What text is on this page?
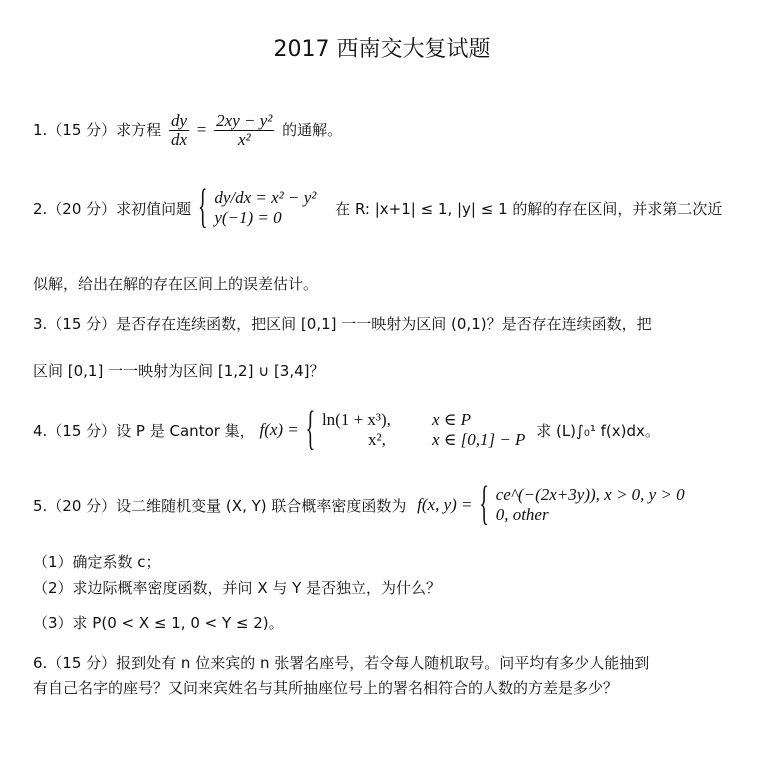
2017 西南交大复试题
1.（15 分）求方程 $\frac{dy}{dx} = \frac{\text{2xy − y²}}{\text{x²}}$ 的通解。
2.（20 分）求初值问题 { dy/dx = x² − y²
y(−1) = 0	在 R: |x+1| ≤ 1, |y| ≤ 1 的解的存在区间，并求第二次近
似解，给出在解的存在区间上的误差估计。
3.（15 分）是否存在连续函数，把区间 [0,1] 一一映射为区间 (0,1)？是否存在连续函数，把
区间 [0,1] 一一映射为区间 [1,2] ∪ [3,4]？
4.（15 分）设 P 是 Cantor 集， f(x) = { ln(1 + x³), x ∈ P
x²,	x ∈ [0,1] − P 求 (L)∫₀¹ f(x)dx。
5.（20 分）设二维随机变量 (X, Y) 联合概率密度函数为 f(x, y) = { ce^(−(2x+3y)), x > 0, y > 0
0, other
（1）确定系数 c；
（2）求边际概率密度函数，并问 X 与 Y 是否独立，为什么？
（3）求 P(0 < X ≤ 1, 0 < Y ≤ 2)。
6.（15 分）报到处有 n 位来宾的 n 张署名座号，若令每人随机取号。问平均有多少人能抽到
有自己名字的座号？又问来宾姓名与其所抽座位号上的署名相符合的人数的方差是多少？
